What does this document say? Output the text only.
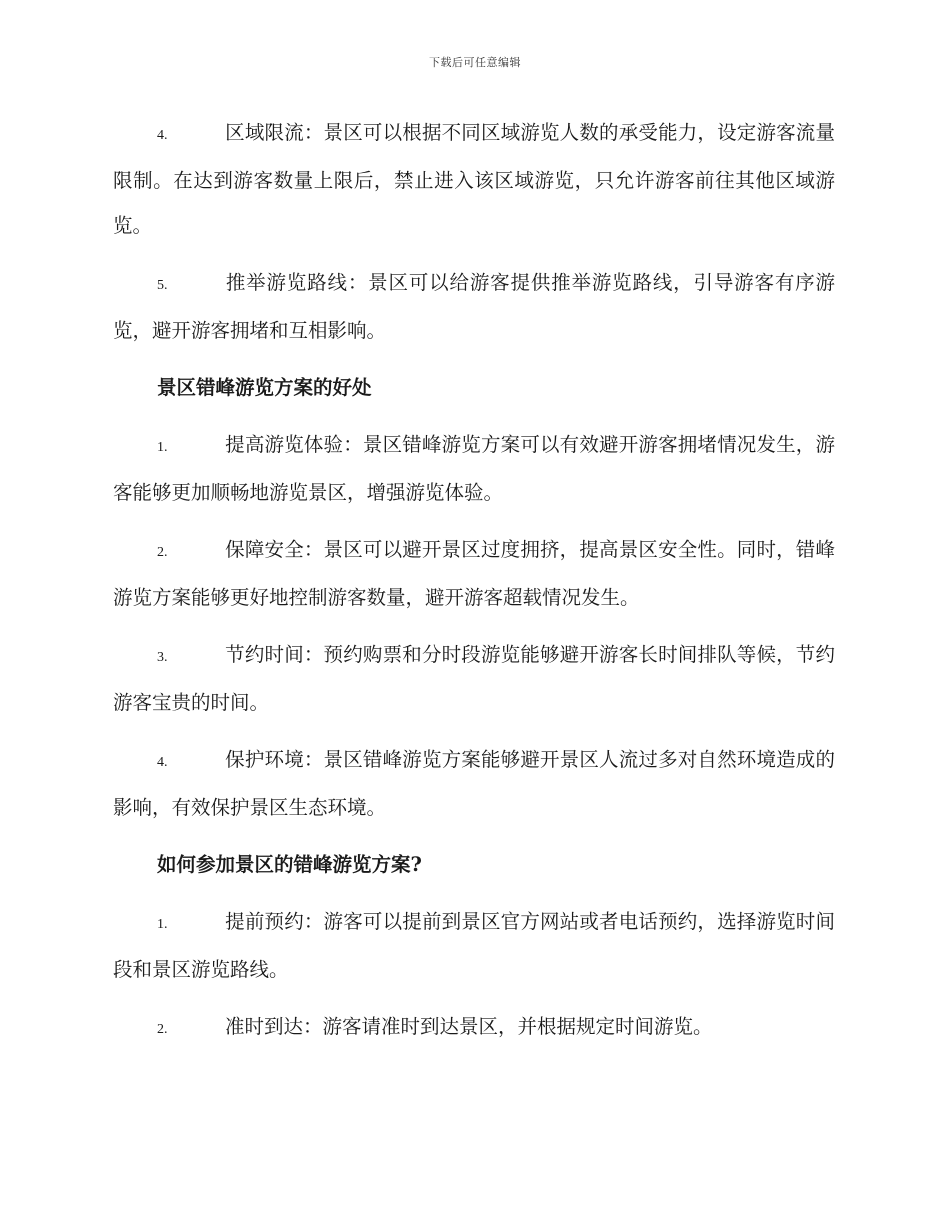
下载后可任意编辑

4.	区域限流：景区可以根据不同区域游览人数的承受能力，设定游客流量限制。在达到游客数量上限后，禁止进入该区域游览，只允许游客前往其他区域游览。

5.	推举游览路线：景区可以给游客提供推举游览路线，引导游客有序游览，避开游客拥堵和互相影响。

景区错峰游览方案的好处

1.	提高游览体验：景区错峰游览方案可以有效避开游客拥堵情况发生，游客能够更加顺畅地游览景区，增强游览体验。

2.	保障安全：景区可以避开景区过度拥挤，提高景区安全性。同时，错峰游览方案能够更好地控制游客数量，避开游客超载情况发生。

3.	节约时间：预约购票和分时段游览能够避开游客长时间排队等候，节约游客宝贵的时间。

4.	保护环境：景区错峰游览方案能够避开景区人流过多对自然环境造成的影响，有效保护景区生态环境。

如何参加景区的错峰游览方案?

1.	提前预约：游客可以提前到景区官方网站或者电话预约，选择游览时间段和景区游览路线。

2.	准时到达：游客请准时到达景区，并根据规定时间游览。
